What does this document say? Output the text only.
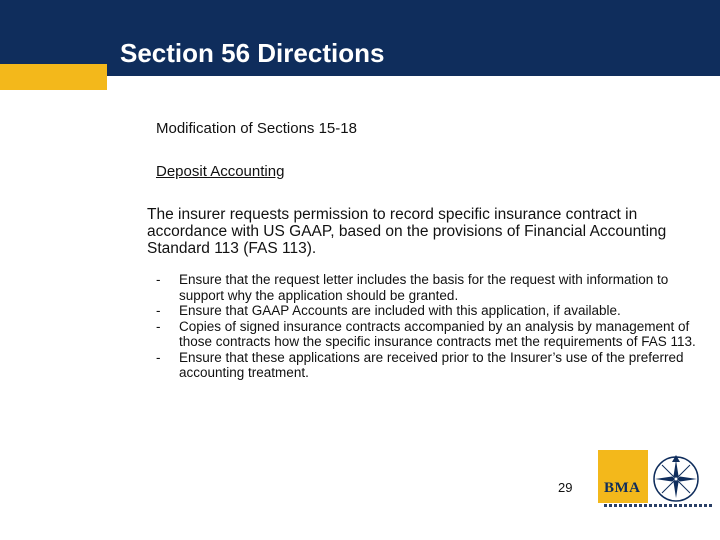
Section 56 Directions
Modification of Sections 15-18
Deposit Accounting
The insurer requests permission to record specific insurance contract in accordance with US GAAP, based on the provisions of Financial Accounting Standard 113 (FAS 113).
-	Ensure that the request letter includes the basis for the request with information to support why the application should be granted.
-	Ensure that GAAP Accounts are included with this application, if available.
-	Copies of signed insurance contracts accompanied by an analysis by management of those contracts how the specific insurance contracts met the requirements of FAS 113.
-	Ensure that these applications are received prior to the Insurer’s use of the preferred accounting treatment.
29 BMA
